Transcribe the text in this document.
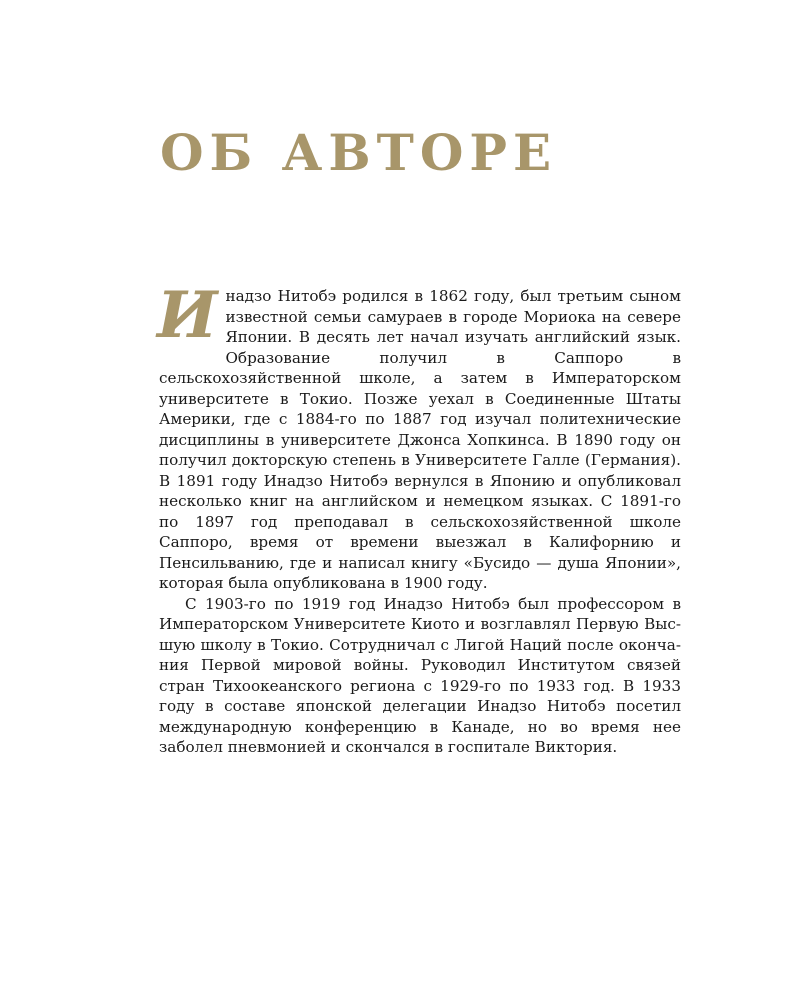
ОБ АВТОРЕ

Инадзо Нитобэ родился в 1862 году, был третьим сыном известной семьи самураев в городе Мориока на севере Японии. В десять лет начал изучать английский язык. Образование получил в Саппоро в сельскохозяйственной школе, а затем в Императорском университете в Токио. Позже уехал в Соединенные Штаты Америки, где с 1884-го по 1887 год изучал политехнические дисциплины в университете Джонса Хопкинса. В 1890 году он получил докторскую степень в Университете Галле (Германия). В 1891 году Инадзо Нитобэ вернулся в Японию и опубликовал несколько книг на английском и немецком языках. С 1891-го по 1897 год преподавал в сельскохозяйственной школе Саппоро, время от времени выезжал в Калифорнию и Пенсильванию, где и написал книгу «Бусидо — душа Японии», которая была опубликована в 1900 году.

С 1903-го по 1919 год Инадзо Нитобэ был профессором в Императорском Университете Киото и возглавлял Первую Высшую школу в Токио. Сотрудничал с Лигой Наций после окончания Первой мировой войны. Руководил Институтом связей стран Тихоокеанского региона с 1929-го по 1933 год. В 1933 году в составе японской делегации Инадзо Нитобэ посетил международную конференцию в Канаде, но во время нее заболел пневмонией и скончался в госпитале Виктория.
